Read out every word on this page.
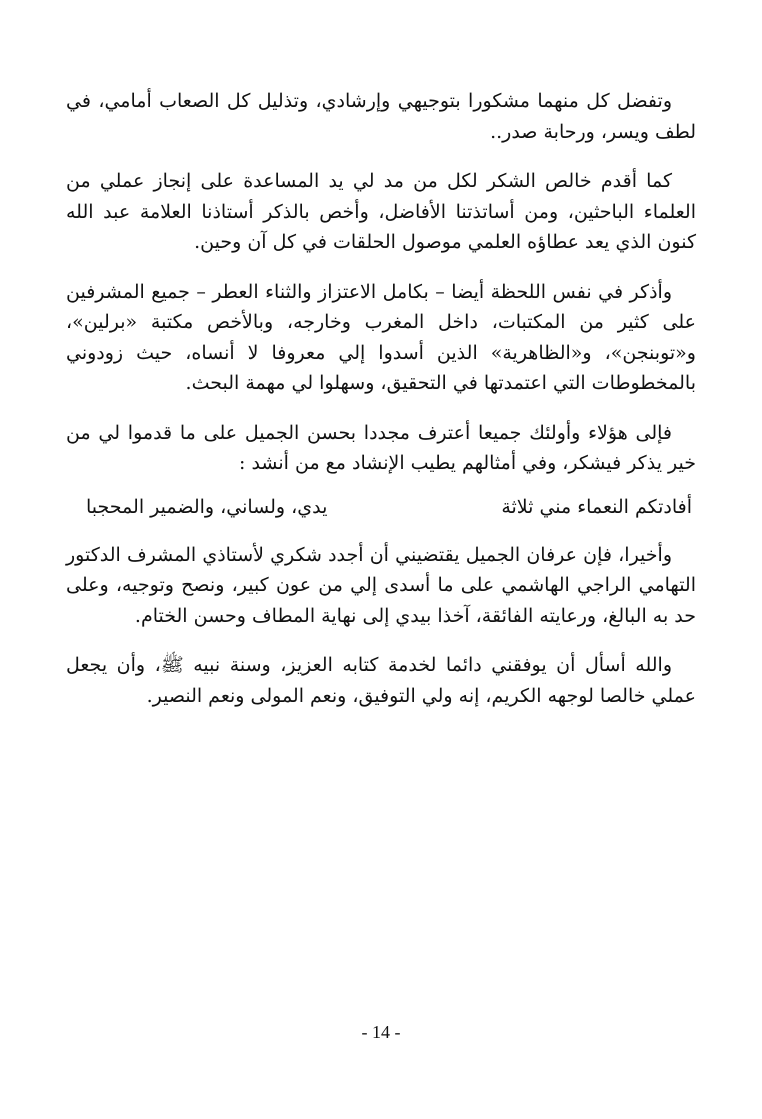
وتفضل كل منهما مشكورا بتوجيهي وإرشادي، وتذليل كل الصعاب أمامي، في لطف ويسر، ورحابة صدر..

كما أقدم خالص الشكر لكل من مد لي يد المساعدة على إنجاز عملي من العلماء الباحثين، ومن أساتذتنا الأفاضل، وأخص بالذكر أستاذنا العلامة عبد الله كنون الذي يعد عطاؤه العلمي موصول الحلقات في كل آن وحين.

وأذكر في نفس اللحظة أيضا – بكامل الاعتزاز والثناء العطر – جميع المشرفين على كثير من المكتبات، داخل المغرب وخارجه، وبالأخص مكتبة «برلين»، و«توبنجن»، و«الظاهرية» الذين أسدوا إلي معروفا لا أنساه، حيث زودوني بالمخطوطات التي اعتمدتها في التحقيق، وسهلوا لي مهمة البحث.

فإلى هؤلاء وأولئك جميعا أعترف مجددا بحسن الجميل على ما قدموا لي من خير يذكر فيشكر، وفي أمثالهم يطيب الإنشاد مع من أنشد :

أفادتكم النعماء مني ثلاثة
يدي، ولساني، والضمير المحجبا

وأخيرا، فإن عرفان الجميل يقتضيني أن أجدد شكري لأستاذي المشرف الدكتور التهامي الراجي الهاشمي على ما أسدى إلي من عون كبير، ونصح وتوجيه، وعلى حد به البالغ، ورعايته الفائقة، آخذا بيدي إلى نهاية المطاف وحسن الختام.

والله أسأل أن يوفقني دائما لخدمة كتابه العزيز، وسنة نبيه ﷺ، وأن يجعل عملي خالصا لوجهه الكريم، إنه ولي التوفيق، ونعم المولى ونعم النصير.

- 14 -
